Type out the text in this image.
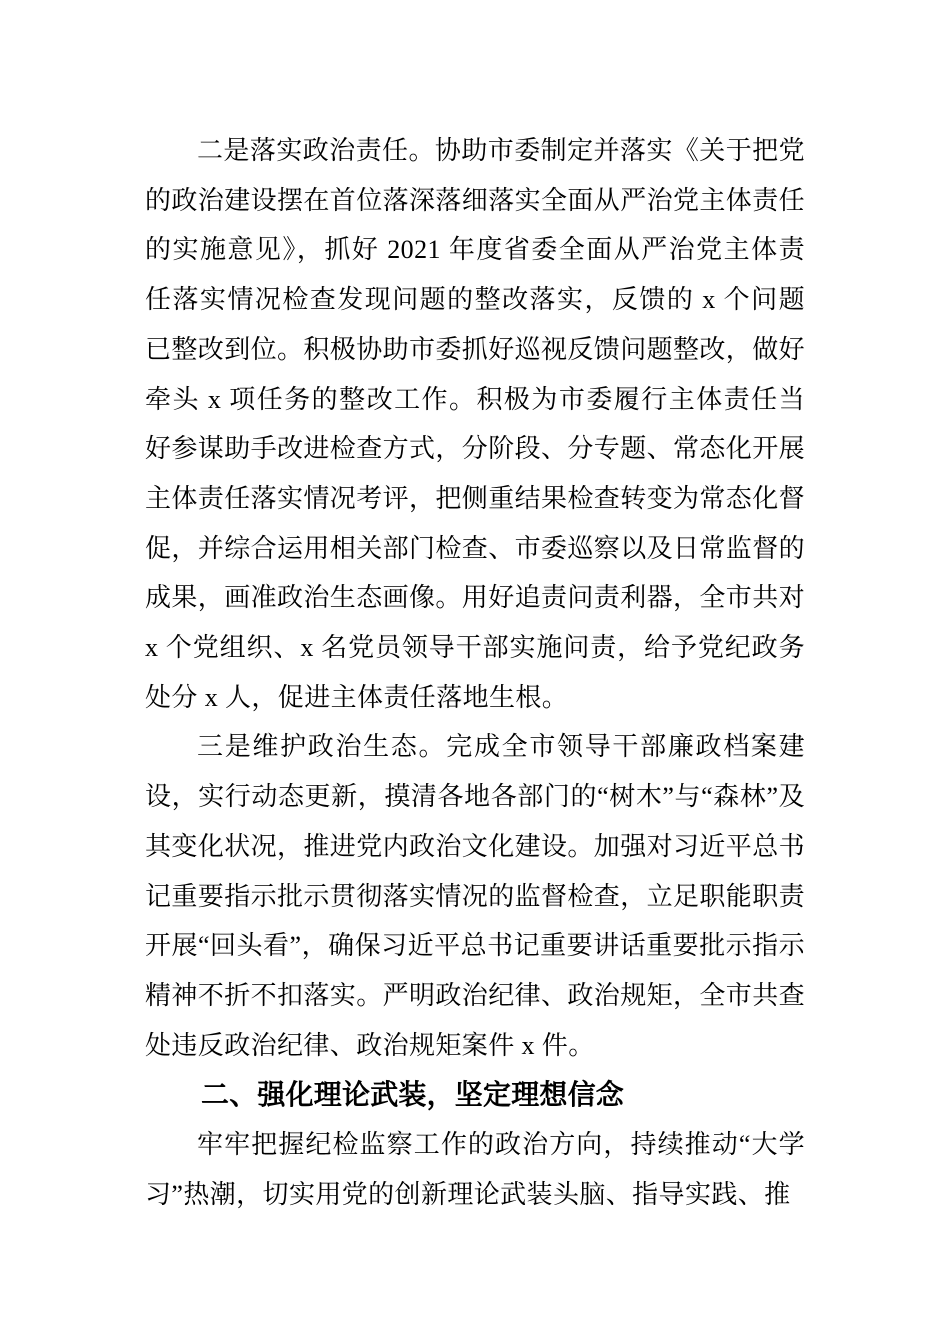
二是落实政治责任。协助市委制定并落实《关于把党的政治建设摆在首位落深落细落实全面从严治党主体责任的实施意见》，抓好 2021 年度省委全面从严治党主体责任落实情况检查发现问题的整改落实，反馈的 x 个问题已整改到位。积极协助市委抓好巡视反馈问题整改，做好牵头 x 项任务的整改工作。积极为市委履行主体责任当好参谋助手改进检查方式，分阶段、分专题、常态化开展主体责任落实情况考评，把侧重结果检查转变为常态化督促，并综合运用相关部门检查、市委巡察以及日常监督的成果，画准政治生态画像。用好追责问责利器，全市共对 x 个党组织、x 名党员领导干部实施问责，给予党纪政务处分 x 人，促进主体责任落地生根。

三是维护政治生态。完成全市领导干部廉政档案建设，实行动态更新，摸清各地各部门的“树木”与“森林”及其变化状况，推进党内政治文化建设。加强对习近平总书记重要指示批示贯彻落实情况的监督检查，立足职能职责开展“回头看”，确保习近平总书记重要讲话重要批示指示精神不折不扣落实。严明政治纪律、政治规矩，全市共查处违反政治纪律、政治规矩案件 x 件。

二、强化理论武装，坚定理想信念

牢牢把握纪检监察工作的政治方向，持续推动“大学习”热潮，切实用党的创新理论武装头脑、指导实践、推
